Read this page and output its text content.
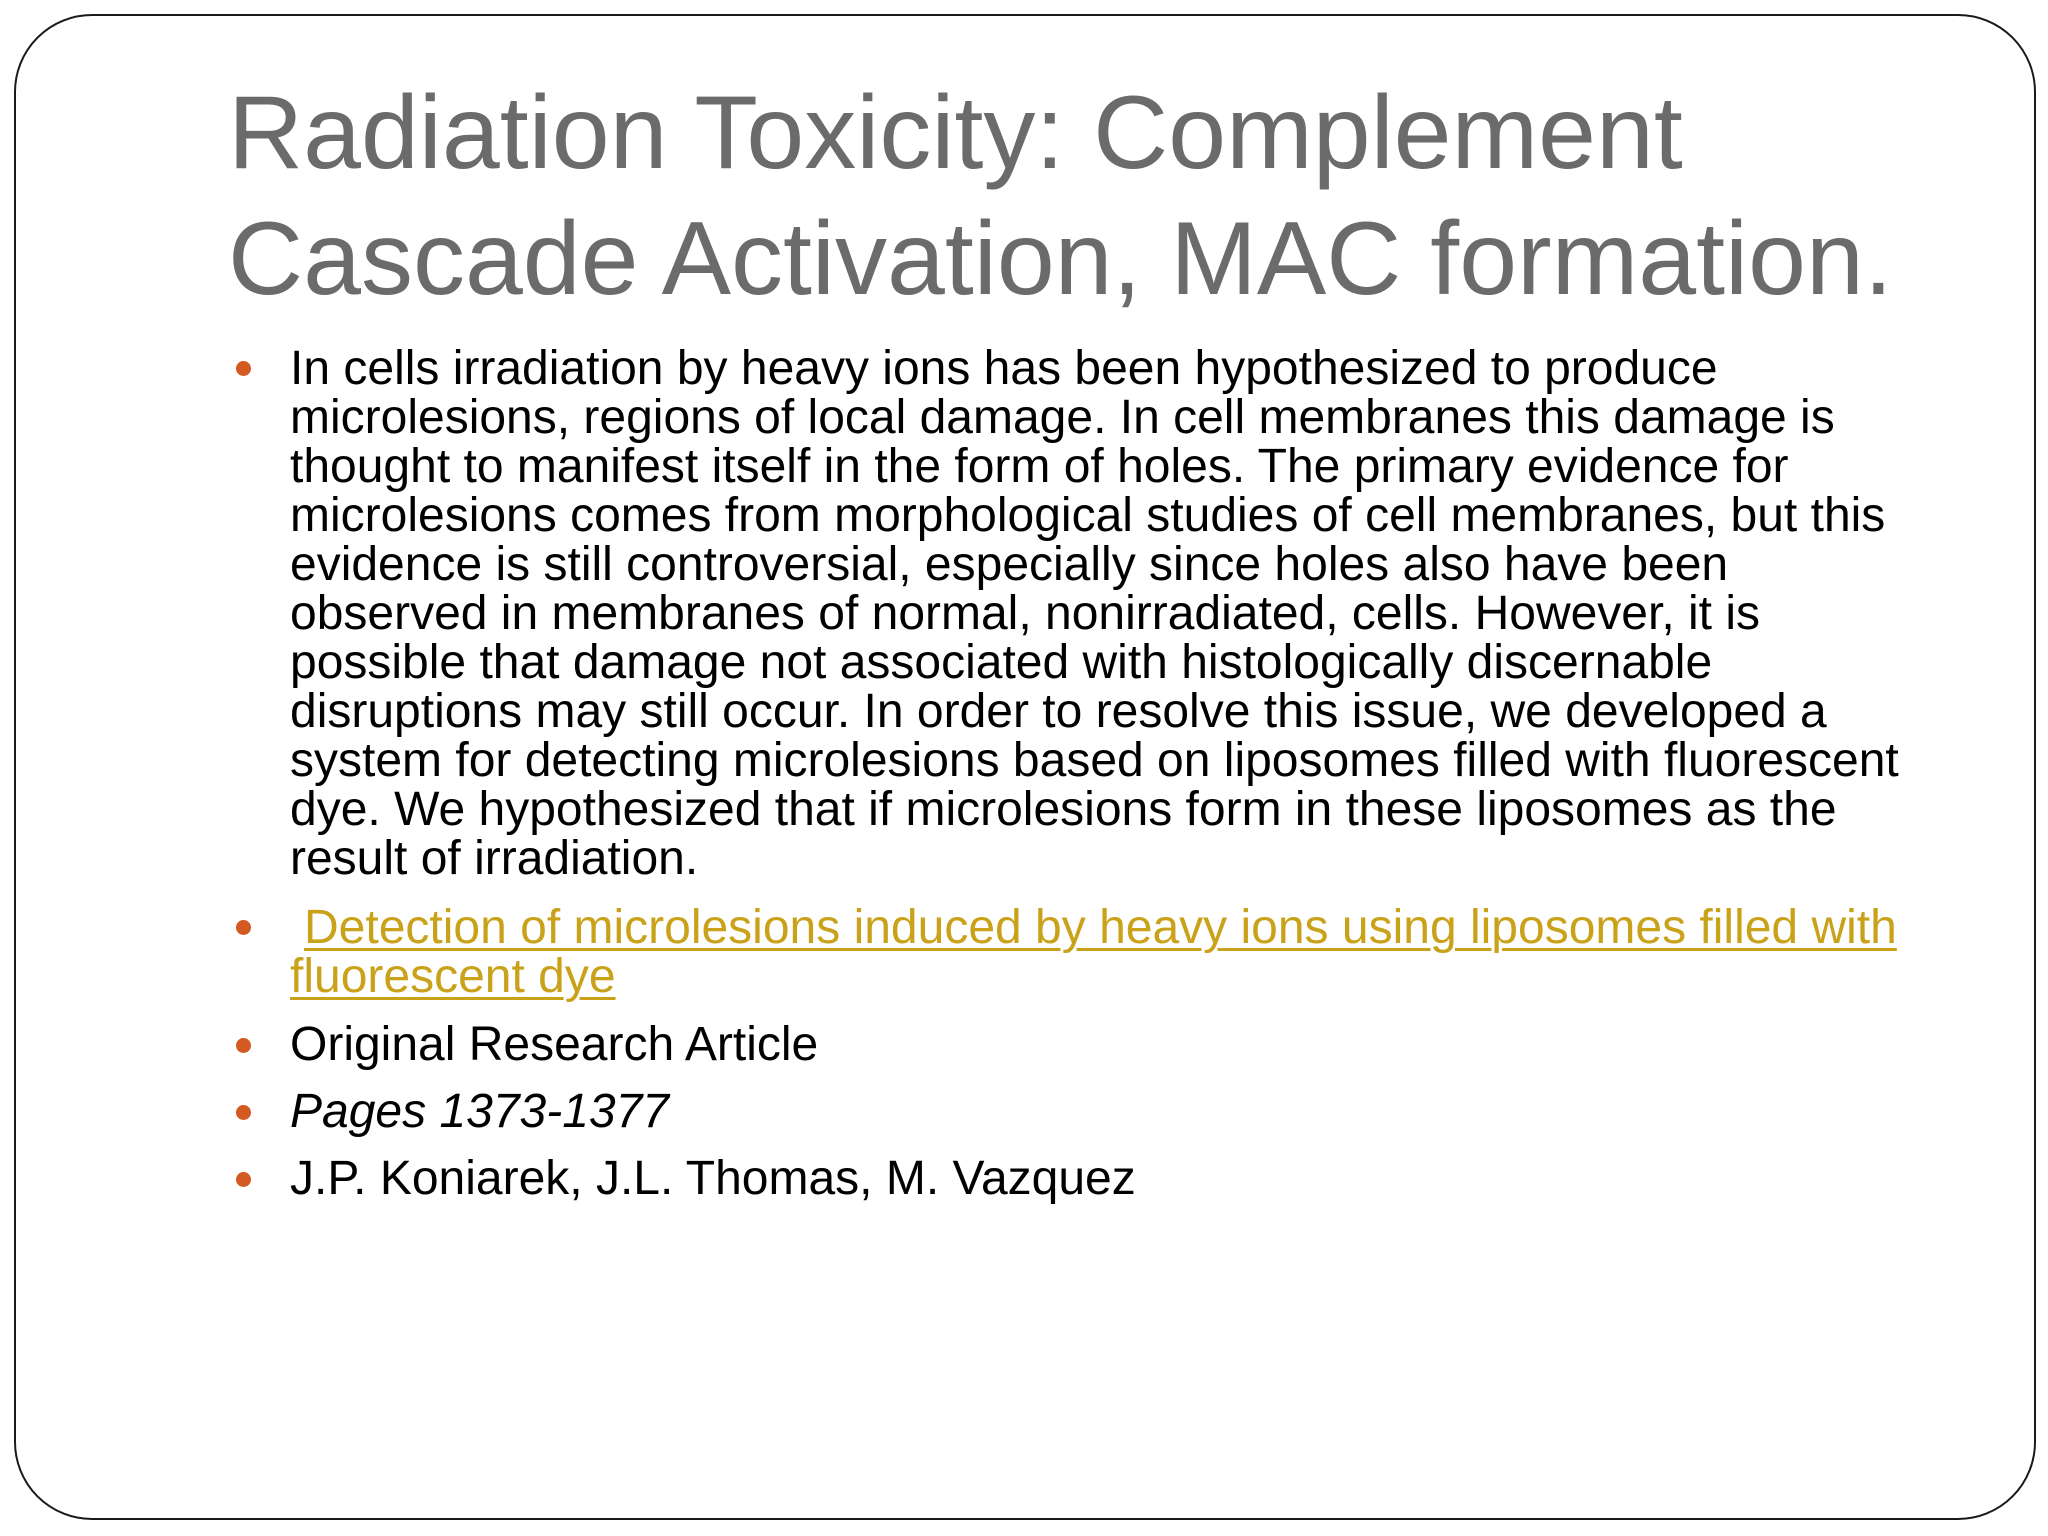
Radiation Toxicity: Complement
Cascade Activation, MAC formation.
In cells irradiation by heavy ions has been hypothesized to produce microlesions, regions of local damage. In cell membranes this damage is thought to manifest itself in the form of holes. The primary evidence for microlesions comes from morphological studies of cell membranes, but this evidence is still controversial, especially since holes also have been observed in membranes of normal, nonirradiated, cells. However, it is possible that damage not associated with histologically discernable disruptions may still occur. In order to resolve this issue, we developed a system for detecting microlesions based on liposomes filled with fluorescent dye. We hypothesized that if microlesions form in these liposomes as the result of irradiation.
Detection of microlesions induced by heavy ions using liposomes filled with fluorescent dye
Original Research Article
Pages 1373-1377
J.P. Koniarek, J.L. Thomas, M. Vazquez
